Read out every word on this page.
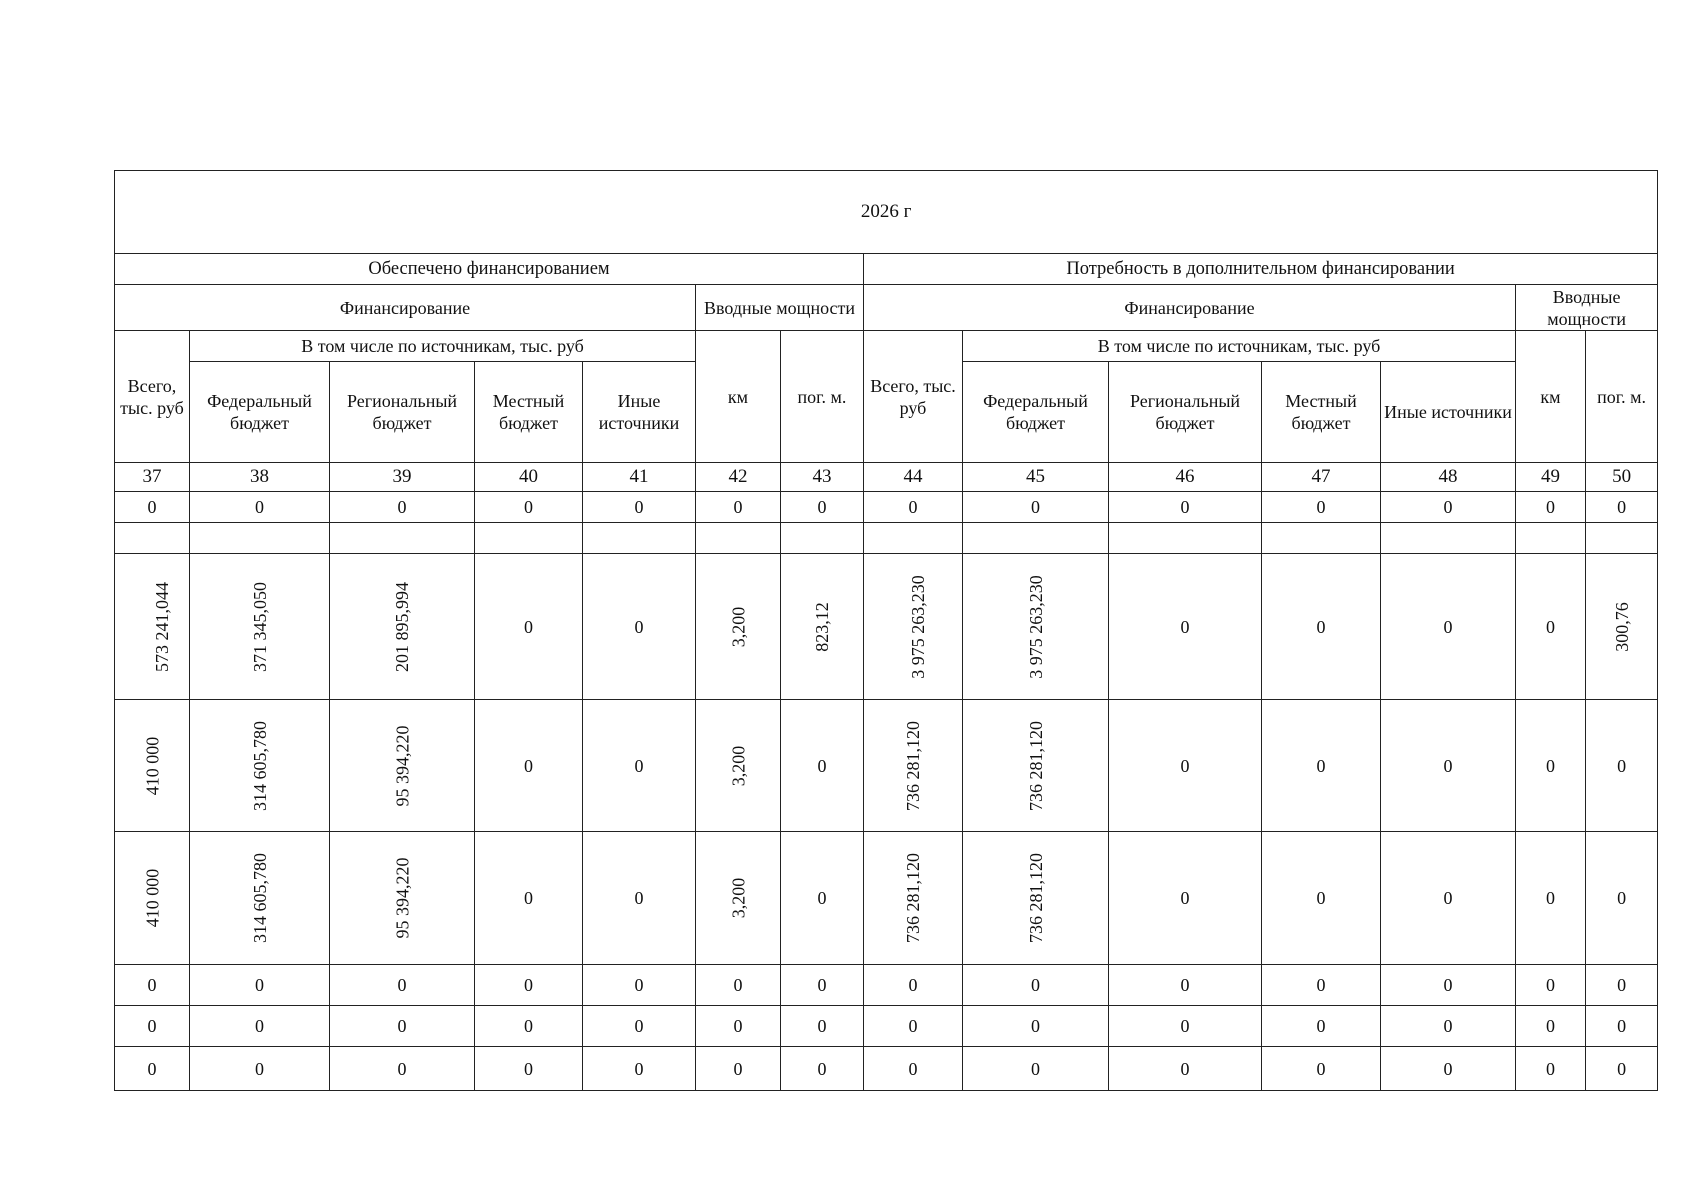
2026 г													
Обеспечено финансированием							Потребность в дополнительном финансировании						
Финансирование					Вводные мощности		Финансирование					Вводные мощности	
Всего, тыс. руб	В том числе по источникам, тыс. руб				км	пог. м.	Всего, тыс. руб	В том числе по источникам, тыс. руб				км	пог. м.
	Федеральный бюджет	Региональный бюджет	Местный бюджет	Иные источники				Федеральный бюджет	Региональный бюджет	Местный бюджет	Иные источники		
37	38	39	40	41	42	43	44	45	46	47	48	49	50
0	0	0	0	0	0	0	0	0	0	0	0	0	0

573 241,044	371 345,050	201 895,994	0	0	3,200	823,12	3 975 263,230	3 975 263,230	0	0	0	0	300,76
410 000	314 605,780	95 394,220	0	0	3,200	0	736 281,120	736 281,120	0	0	0	0	0
410 000	314 605,780	95 394,220	0	0	3,200	0	736 281,120	736 281,120	0	0	0	0	0
0	0	0	0	0	0	0	0	0	0	0	0	0	0
0	0	0	0	0	0	0	0	0	0	0	0	0	0
0	0	0	0	0	0	0	0	0	0	0	0	0	0
